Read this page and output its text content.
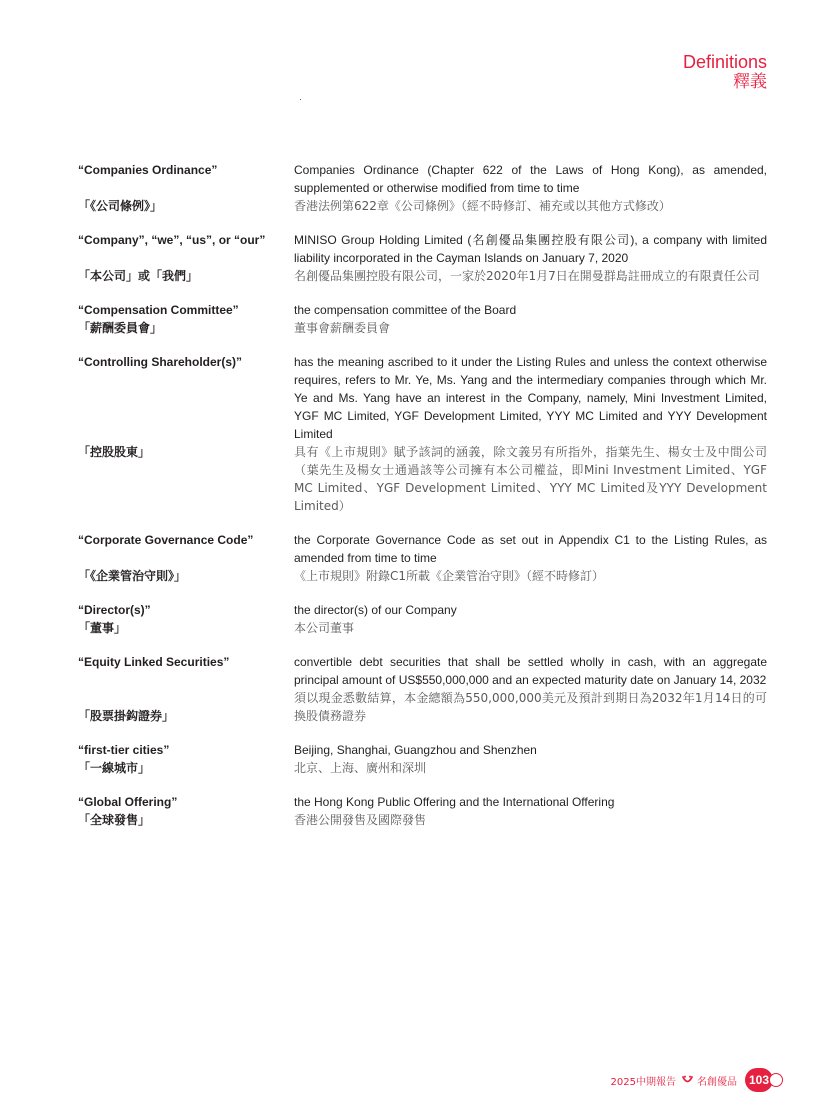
Definitions
釋義
“Companies Ordinance”
「《公司條例》」
Companies Ordinance (Chapter 622 of the Laws of Hong Kong), as amended, supplemented or otherwise modified from time to time
香港法例第622章《公司條例》（經不時修訂、補充或以其他方式修改）
“Company”, “we”, “us”, or “our”
「本公司」或「我們」
MINISO Group Holding Limited (名創優品集團控股有限公司), a company with limited liability incorporated in the Cayman Islands on January 7, 2020
名創優品集團控股有限公司，一家於2020年1月7日在開曼群島註冊成立的有限責任公司
“Compensation Committee”
「薪酬委員會」
the compensation committee of the Board
董事會薪酬委員會
“Controlling Shareholder(s)”
「控股股東」
has the meaning ascribed to it under the Listing Rules and unless the context otherwise requires, refers to Mr. Ye, Ms. Yang and the intermediary companies through which Mr. Ye and Ms. Yang have an interest in the Company, namely, Mini Investment Limited, YGF MC Limited, YGF Development Limited, YYY MC Limited and YYY Development Limited
具有《上市規則》賦予該詞的涵義，除文義另有所指外，指葉先生、楊女士及中間公司（葉先生及楊女士通過該等公司擁有本公司權益，即Mini Investment Limited、YGF MC Limited、YGF Development Limited、YYY MC Limited及YYY Development Limited）
“Corporate Governance Code”
「《企業管治守則》」
the Corporate Governance Code as set out in Appendix C1 to the Listing Rules, as amended from time to time
《上市規則》附錄C1所載《企業管治守則》（經不時修訂）
“Director(s)”
「董事」
the director(s) of our Company
本公司董事
“Equity Linked Securities”
「股票掛鈎證券」
convertible debt securities that shall be settled wholly in cash, with an aggregate principal amount of US$550,000,000 and an expected maturity date on January 14, 2032
須以現金悉數結算，本金總額為550,000,000美元及預計到期日為2032年1月14日的可換股債務證券
“first-tier cities”
「一線城市」
Beijing, Shanghai, Guangzhou and Shenzhen
北京、上海、廣州和深圳
“Global Offering”
「全球發售」
the Hong Kong Public Offering and the International Offering
香港公開發售及國際發售
2025中期報告 名創優品 103
